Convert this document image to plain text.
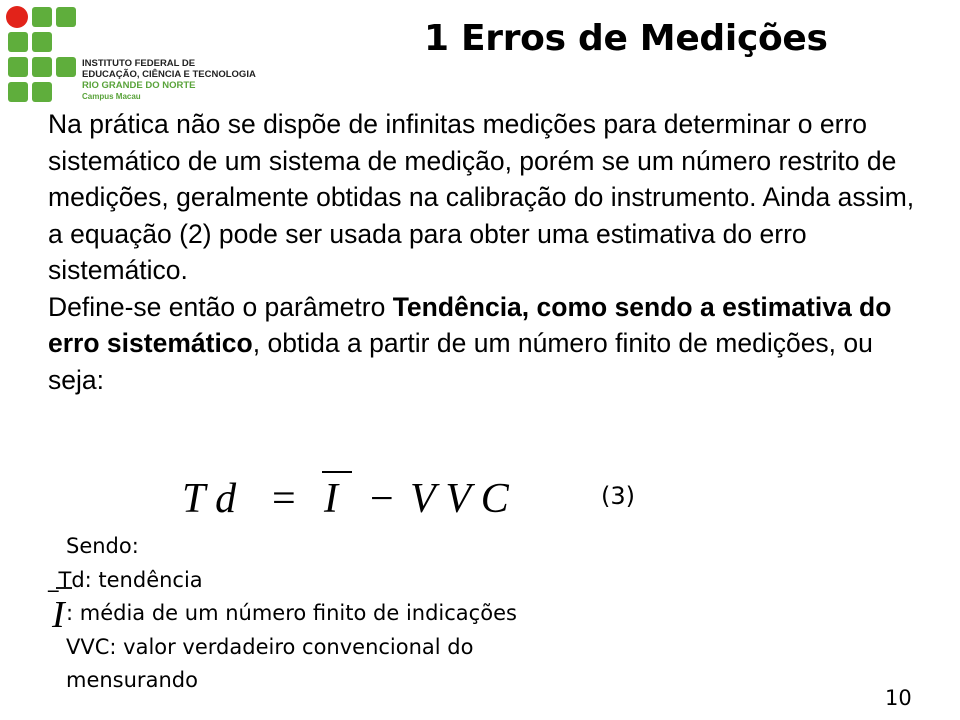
INSTITUTO FEDERAL DE
EDUCAÇÃO, CIÊNCIA E TECNOLOGIA
RIO GRANDE DO NORTE
Campus Macau
1 Erros de Medições

Na prática não se dispõe de infinitas medições para determinar o erro sistemático de um sistema de medição, porém se um número restrito de medições, geralmente obtidas na calibração do instrumento. Ainda assim, a equação (2) pode ser usada para obter uma estimativa do erro sistemático.

Define-se então o parâmetro Tendência, como sendo a estimativa do erro sistemático, obtida a partir de um número finito de medições, ou seja:

T d = I − V V C	(3)
Sendo:
_Td: tendência
: média de um número finito de indicações
VVC: valor verdadeiro convencional do
mensurando
I
10
